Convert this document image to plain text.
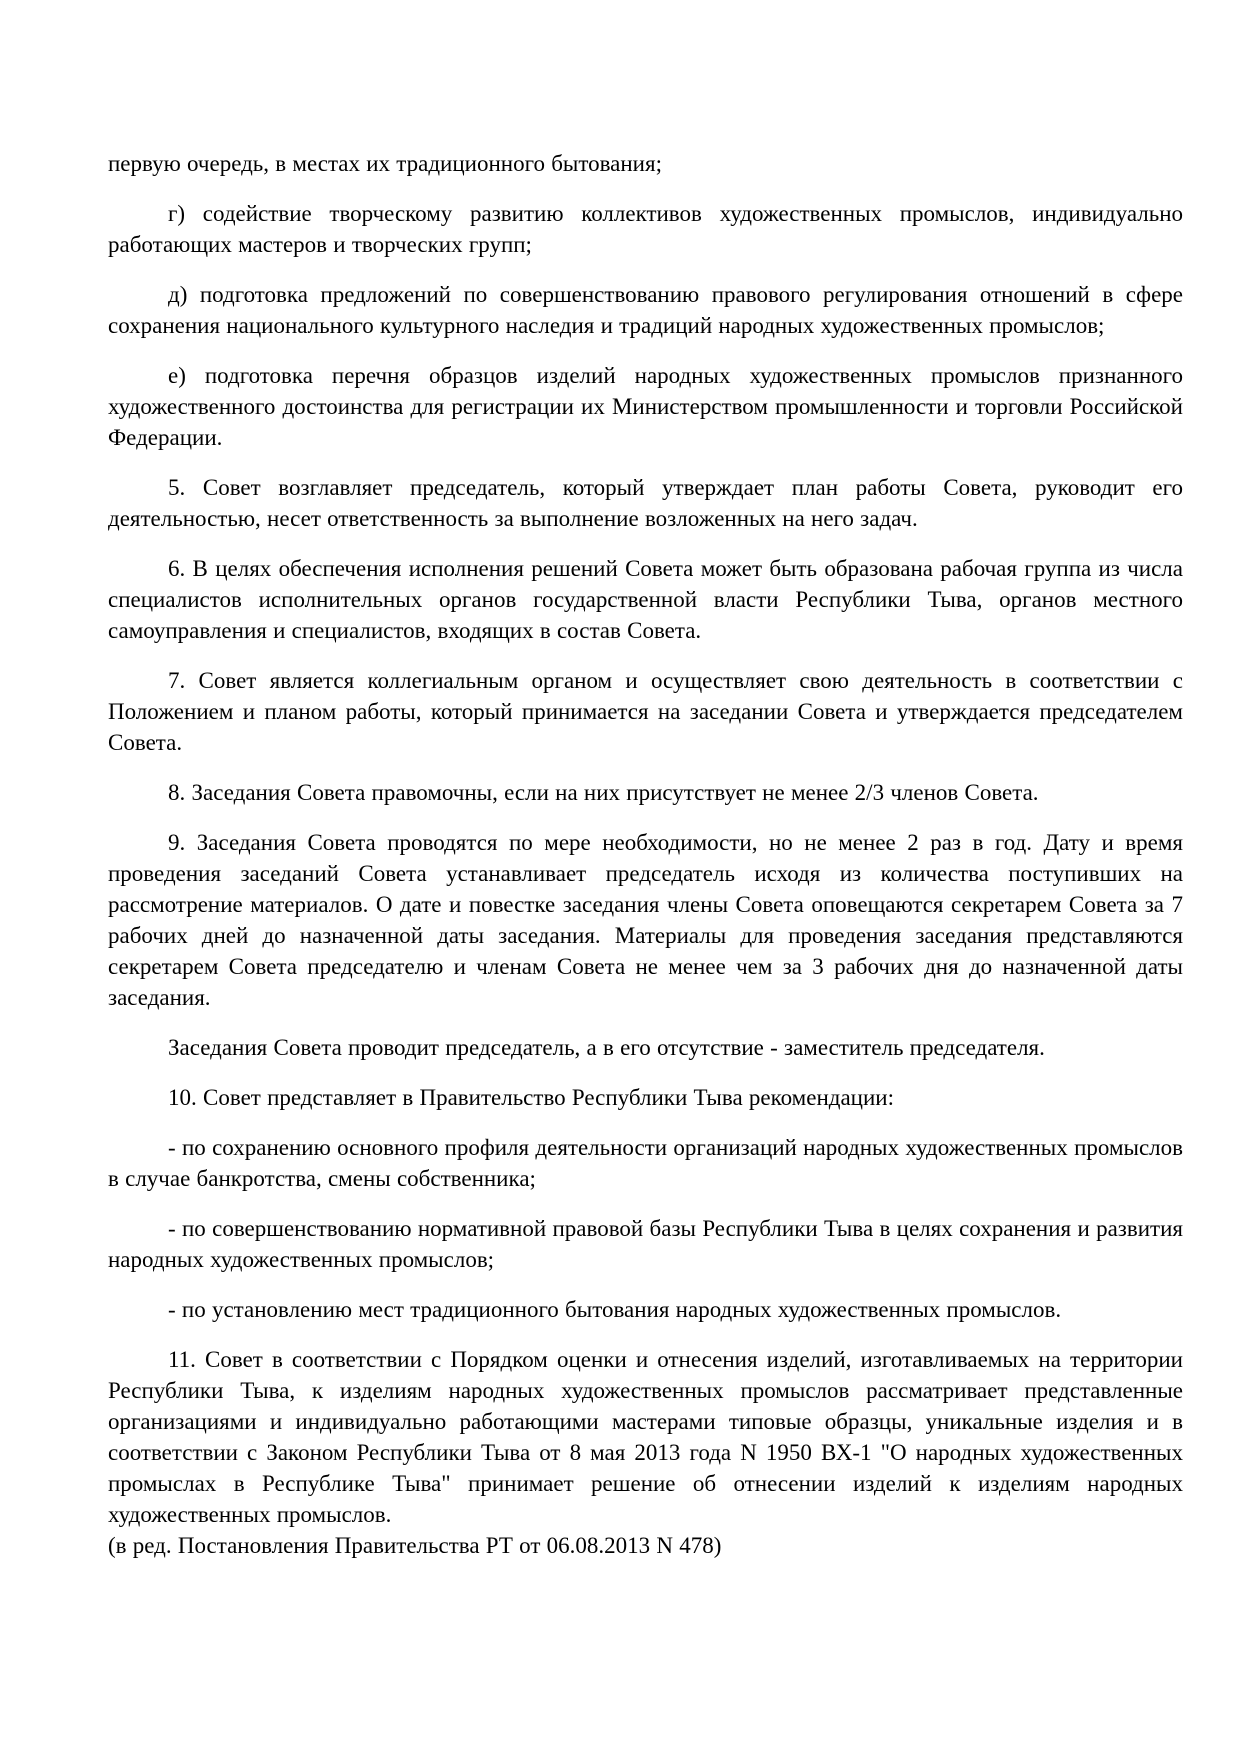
первую очередь, в местах их традиционного бытования;

г) содействие творческому развитию коллективов художественных промыслов, индивидуально работающих мастеров и творческих групп;

д) подготовка предложений по совершенствованию правового регулирования отношений в сфере сохранения национального культурного наследия и традиций народных художественных промыслов;

е) подготовка перечня образцов изделий народных художественных промыслов признанного художественного достоинства для регистрации их Министерством промышленности и торговли Российской Федерации.

5. Совет возглавляет председатель, который утверждает план работы Совета, руководит его деятельностью, несет ответственность за выполнение возложенных на него задач.

6. В целях обеспечения исполнения решений Совета может быть образована рабочая группа из числа специалистов исполнительных органов государственной власти Республики Тыва, органов местного самоуправления и специалистов, входящих в состав Совета.

7. Совет является коллегиальным органом и осуществляет свою деятельность в соответствии с Положением и планом работы, который принимается на заседании Совета и утверждается председателем Совета.

8. Заседания Совета правомочны, если на них присутствует не менее 2/3 членов Совета.

9. Заседания Совета проводятся по мере необходимости, но не менее 2 раз в год. Дату и время проведения заседаний Совета устанавливает председатель исходя из количества поступивших на рассмотрение материалов. О дате и повестке заседания члены Совета оповещаются секретарем Совета за 7 рабочих дней до назначенной даты заседания. Материалы для проведения заседания представляются секретарем Совета председателю и членам Совета не менее чем за 3 рабочих дня до назначенной даты заседания.

Заседания Совета проводит председатель, а в его отсутствие - заместитель председателя.

10. Совет представляет в Правительство Республики Тыва рекомендации:

- по сохранению основного профиля деятельности организаций народных художественных промыслов в случае банкротства, смены собственника;

- по совершенствованию нормативной правовой базы Республики Тыва в целях сохранения и развития народных художественных промыслов;

- по установлению мест традиционного бытования народных художественных промыслов.

11. Совет в соответствии с Порядком оценки и отнесения изделий, изготавливаемых на территории Республики Тыва, к изделиям народных художественных промыслов рассматривает представленные организациями и индивидуально работающими мастерами типовые образцы, уникальные изделия и в соответствии с Законом Республики Тыва от 8 мая 2013 года N 1950 ВХ-1 "О народных художественных промыслах в Республике Тыва" принимает решение об отнесении изделий к изделиям народных художественных промыслов.

(в ред. Постановления Правительства РТ от 06.08.2013 N 478)
